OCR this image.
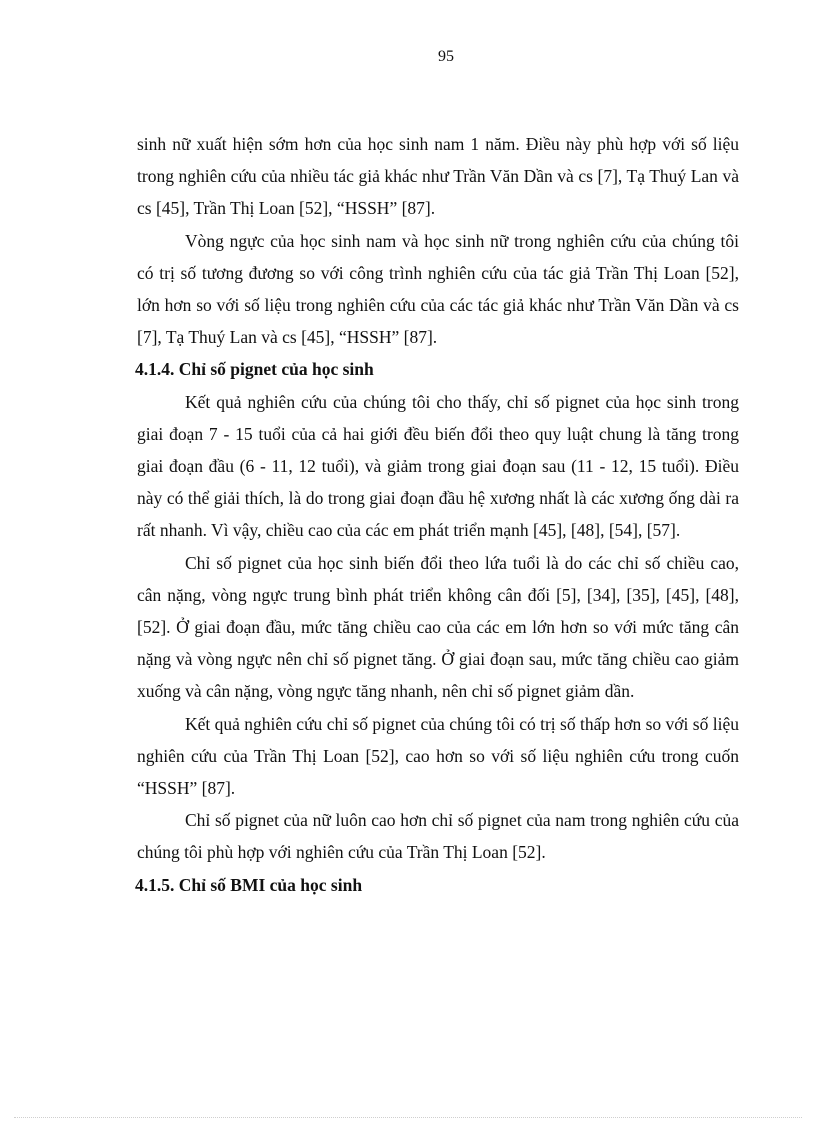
95

sinh nữ xuất hiện sớm hơn của học sinh nam 1 năm. Điều này phù hợp với số liệu trong nghiên cứu của nhiều tác giả khác như Trần Văn Dần và cs [7], Tạ Thuý Lan và cs [45], Trần Thị Loan [52], “HSSH” [87].

Vòng ngực của học sinh nam và học sinh nữ trong nghiên cứu của chúng tôi có trị số tương đương so với công trình nghiên cứu của tác giả Trần Thị Loan [52], lớn hơn so với số liệu trong nghiên cứu của các tác giả khác như Trần Văn Dần và cs [7], Tạ Thuý Lan và cs [45], “HSSH” [87].

4.1.4. Chỉ số pignet của học sinh

Kết quả nghiên cứu của chúng tôi cho thấy, chỉ số pignet của học sinh trong giai đoạn 7 - 15 tuổi của cả hai giới đều biến đổi theo quy luật chung là tăng trong giai đoạn đầu (6 - 11, 12 tuổi), và giảm trong giai đoạn sau (11 - 12, 15 tuổi). Điều này có thể giải thích, là do trong giai đoạn đầu hệ xương nhất là các xương ống dài ra rất nhanh. Vì vậy, chiều cao của các em phát triển mạnh [45], [48], [54], [57].

Chỉ số pignet của học sinh biến đổi theo lứa tuổi là do các chỉ số chiều cao, cân nặng, vòng ngực trung bình phát triển không cân đối [5], [34], [35], [45], [48], [52]. Ở giai đoạn đầu, mức tăng chiều cao của các em lớn hơn so với mức tăng cân nặng và vòng ngực nên chỉ số pignet tăng. Ở giai đoạn sau, mức tăng chiều cao giảm xuống và cân nặng, vòng ngực tăng nhanh, nên chỉ số pignet giảm dần.

Kết quả nghiên cứu chỉ số pignet của chúng tôi có trị số thấp hơn so với số liệu nghiên cứu của Trần Thị Loan [52], cao hơn so với số liệu nghiên cứu trong cuốn “HSSH” [87].

Chỉ số pignet của nữ luôn cao hơn chỉ số pignet của nam trong nghiên cứu của chúng tôi phù hợp với nghiên cứu của Trần Thị Loan [52].

4.1.5. Chỉ số BMI của học sinh
